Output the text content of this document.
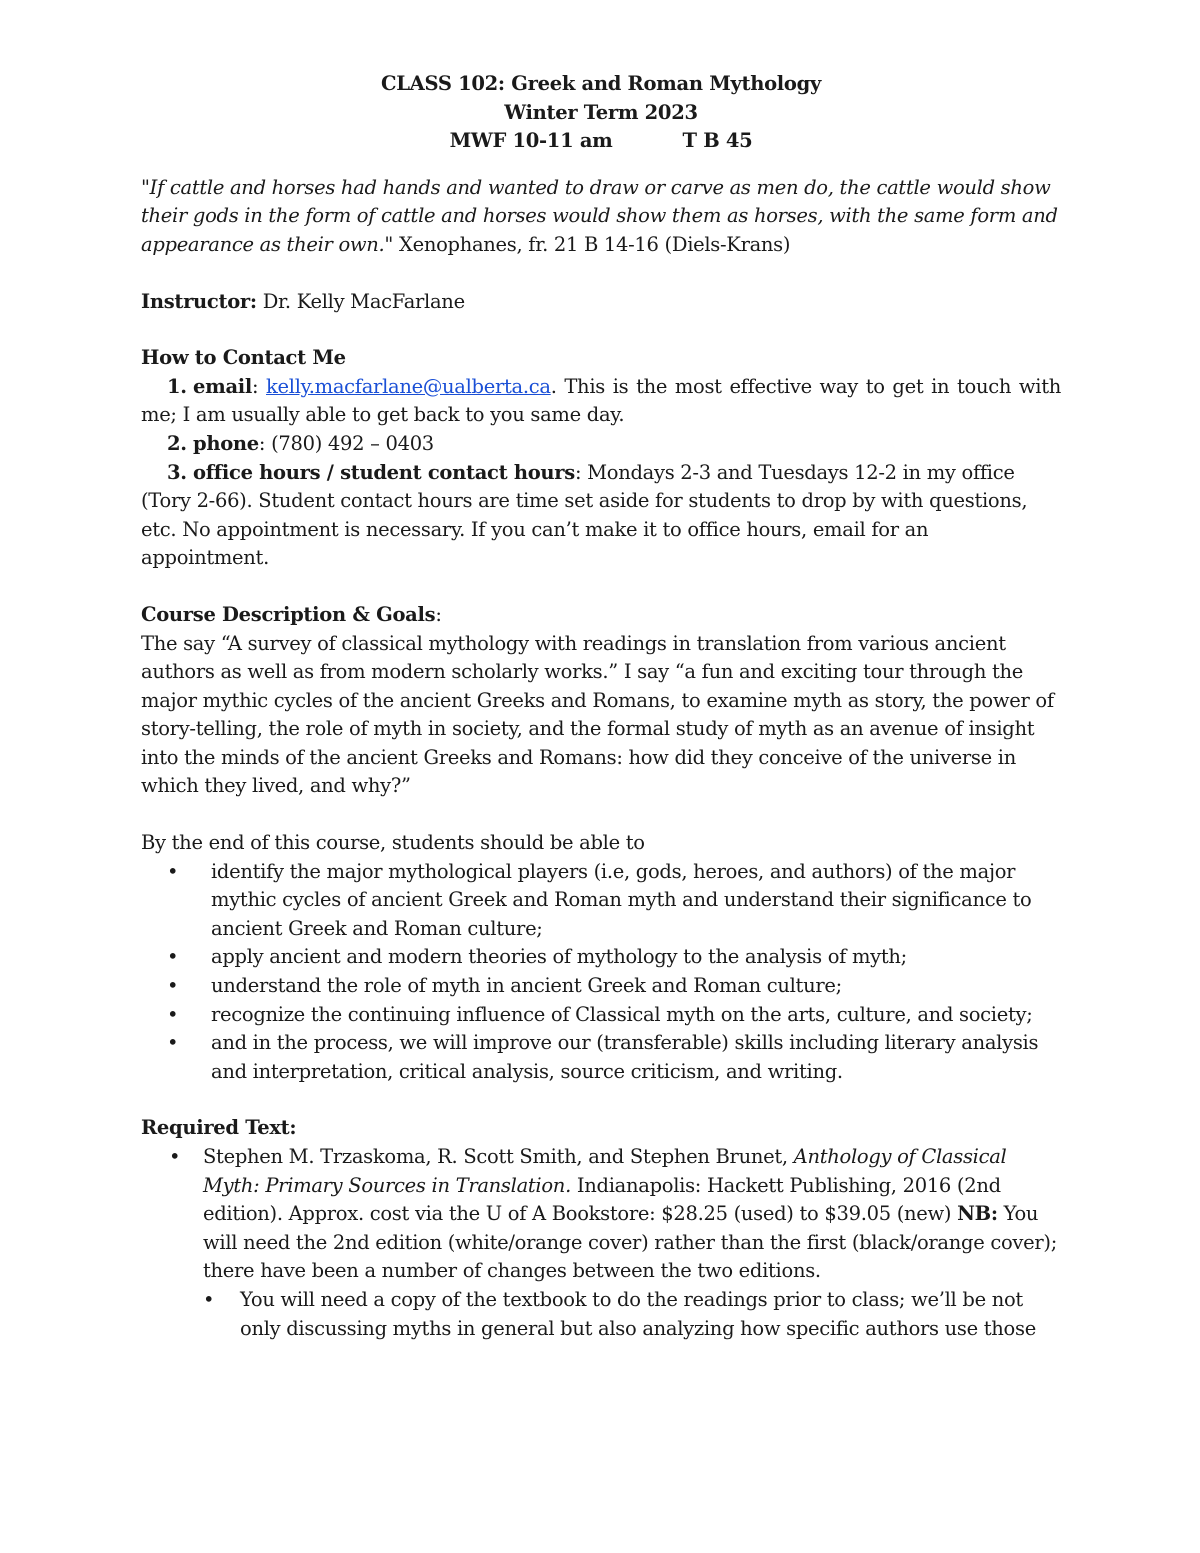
CLASS 102: Greek and Roman Mythology
Winter Term 2023
MWF 10-11 am	T B 45
"If cattle and horses had hands and wanted to draw or carve as men do, the cattle would show their gods in the form of cattle and horses would show them as horses, with the same form and appearance as their own." Xenophanes, fr. 21 B 14-16 (Diels-Krans)
Instructor: Dr. Kelly MacFarlane
How to Contact Me
1. email: kelly.macfarlane@ualberta.ca. This is the most effective way to get in touch with me; I am usually able to get back to you same day.
2. phone: (780) 492 – 0403
3. office hours / student contact hours: Mondays 2-3 and Tuesdays 12-2 in my office (Tory 2-66). Student contact hours are time set aside for students to drop by with questions, etc. No appointment is necessary. If you can’t make it to office hours, email for an appointment.
Course Description & Goals:
The say “A survey of classical mythology with readings in translation from various ancient authors as well as from modern scholarly works.” I say “a fun and exciting tour through the major mythic cycles of the ancient Greeks and Romans, to examine myth as story, the power of story-telling, the role of myth in society, and the formal study of myth as an avenue of insight into the minds of the ancient Greeks and Romans: how did they conceive of the universe in which they lived, and why?”
By the end of this course, students should be able to
• identify the major mythological players (i.e, gods, heroes, and authors) of the major mythic cycles of ancient Greek and Roman myth and understand their significance to ancient Greek and Roman culture;
• apply ancient and modern theories of mythology to the analysis of myth;
• understand the role of myth in ancient Greek and Roman culture;
• recognize the continuing influence of Classical myth on the arts, culture, and society;
• and in the process, we will improve our (transferable) skills including literary analysis and interpretation, critical analysis, source criticism, and writing.
Required Text:
• Stephen M. Trzaskoma, R. Scott Smith, and Stephen Brunet, Anthology of Classical Myth: Primary Sources in Translation. Indianapolis: Hackett Publishing, 2016 (2nd edition). Approx. cost via the U of A Bookstore: $28.25 (used) to $39.05 (new) NB: You will need the 2nd edition (white/orange cover) rather than the first (black/orange cover); there have been a number of changes between the two editions.
• You will need a copy of the textbook to do the readings prior to class; we’ll be not only discussing myths in general but also analyzing how specific authors use those
